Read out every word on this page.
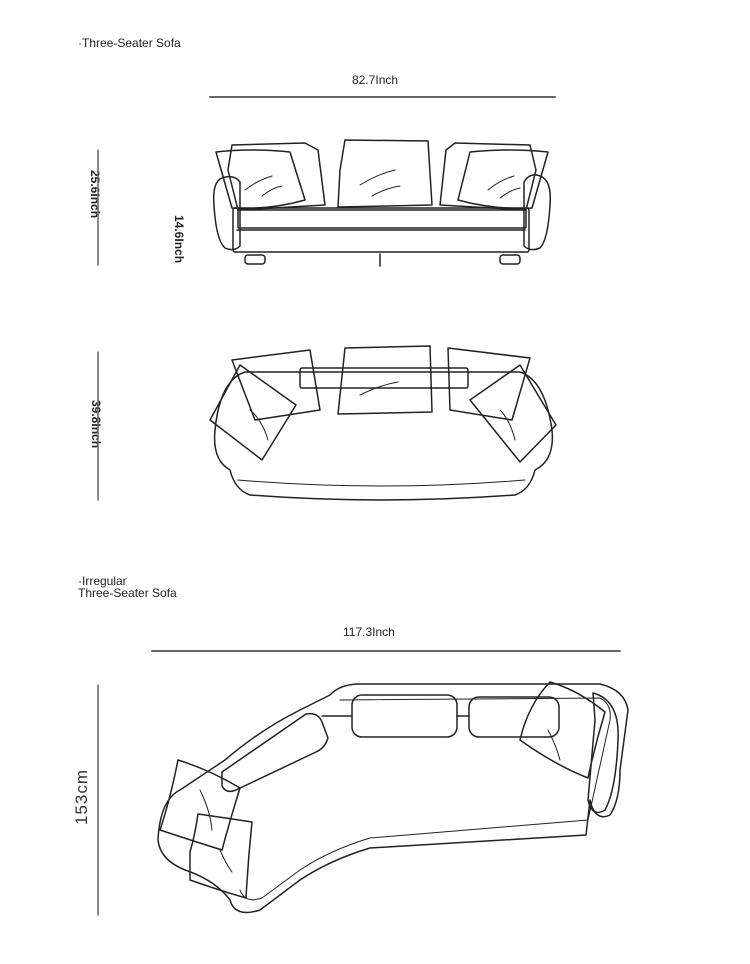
·Three-Seater Sofa
82.7Inch
25.6Inch
14.6Inch
39.8Inch
·Irregular
Three-Seater Sofa
117.3Inch
153cm
